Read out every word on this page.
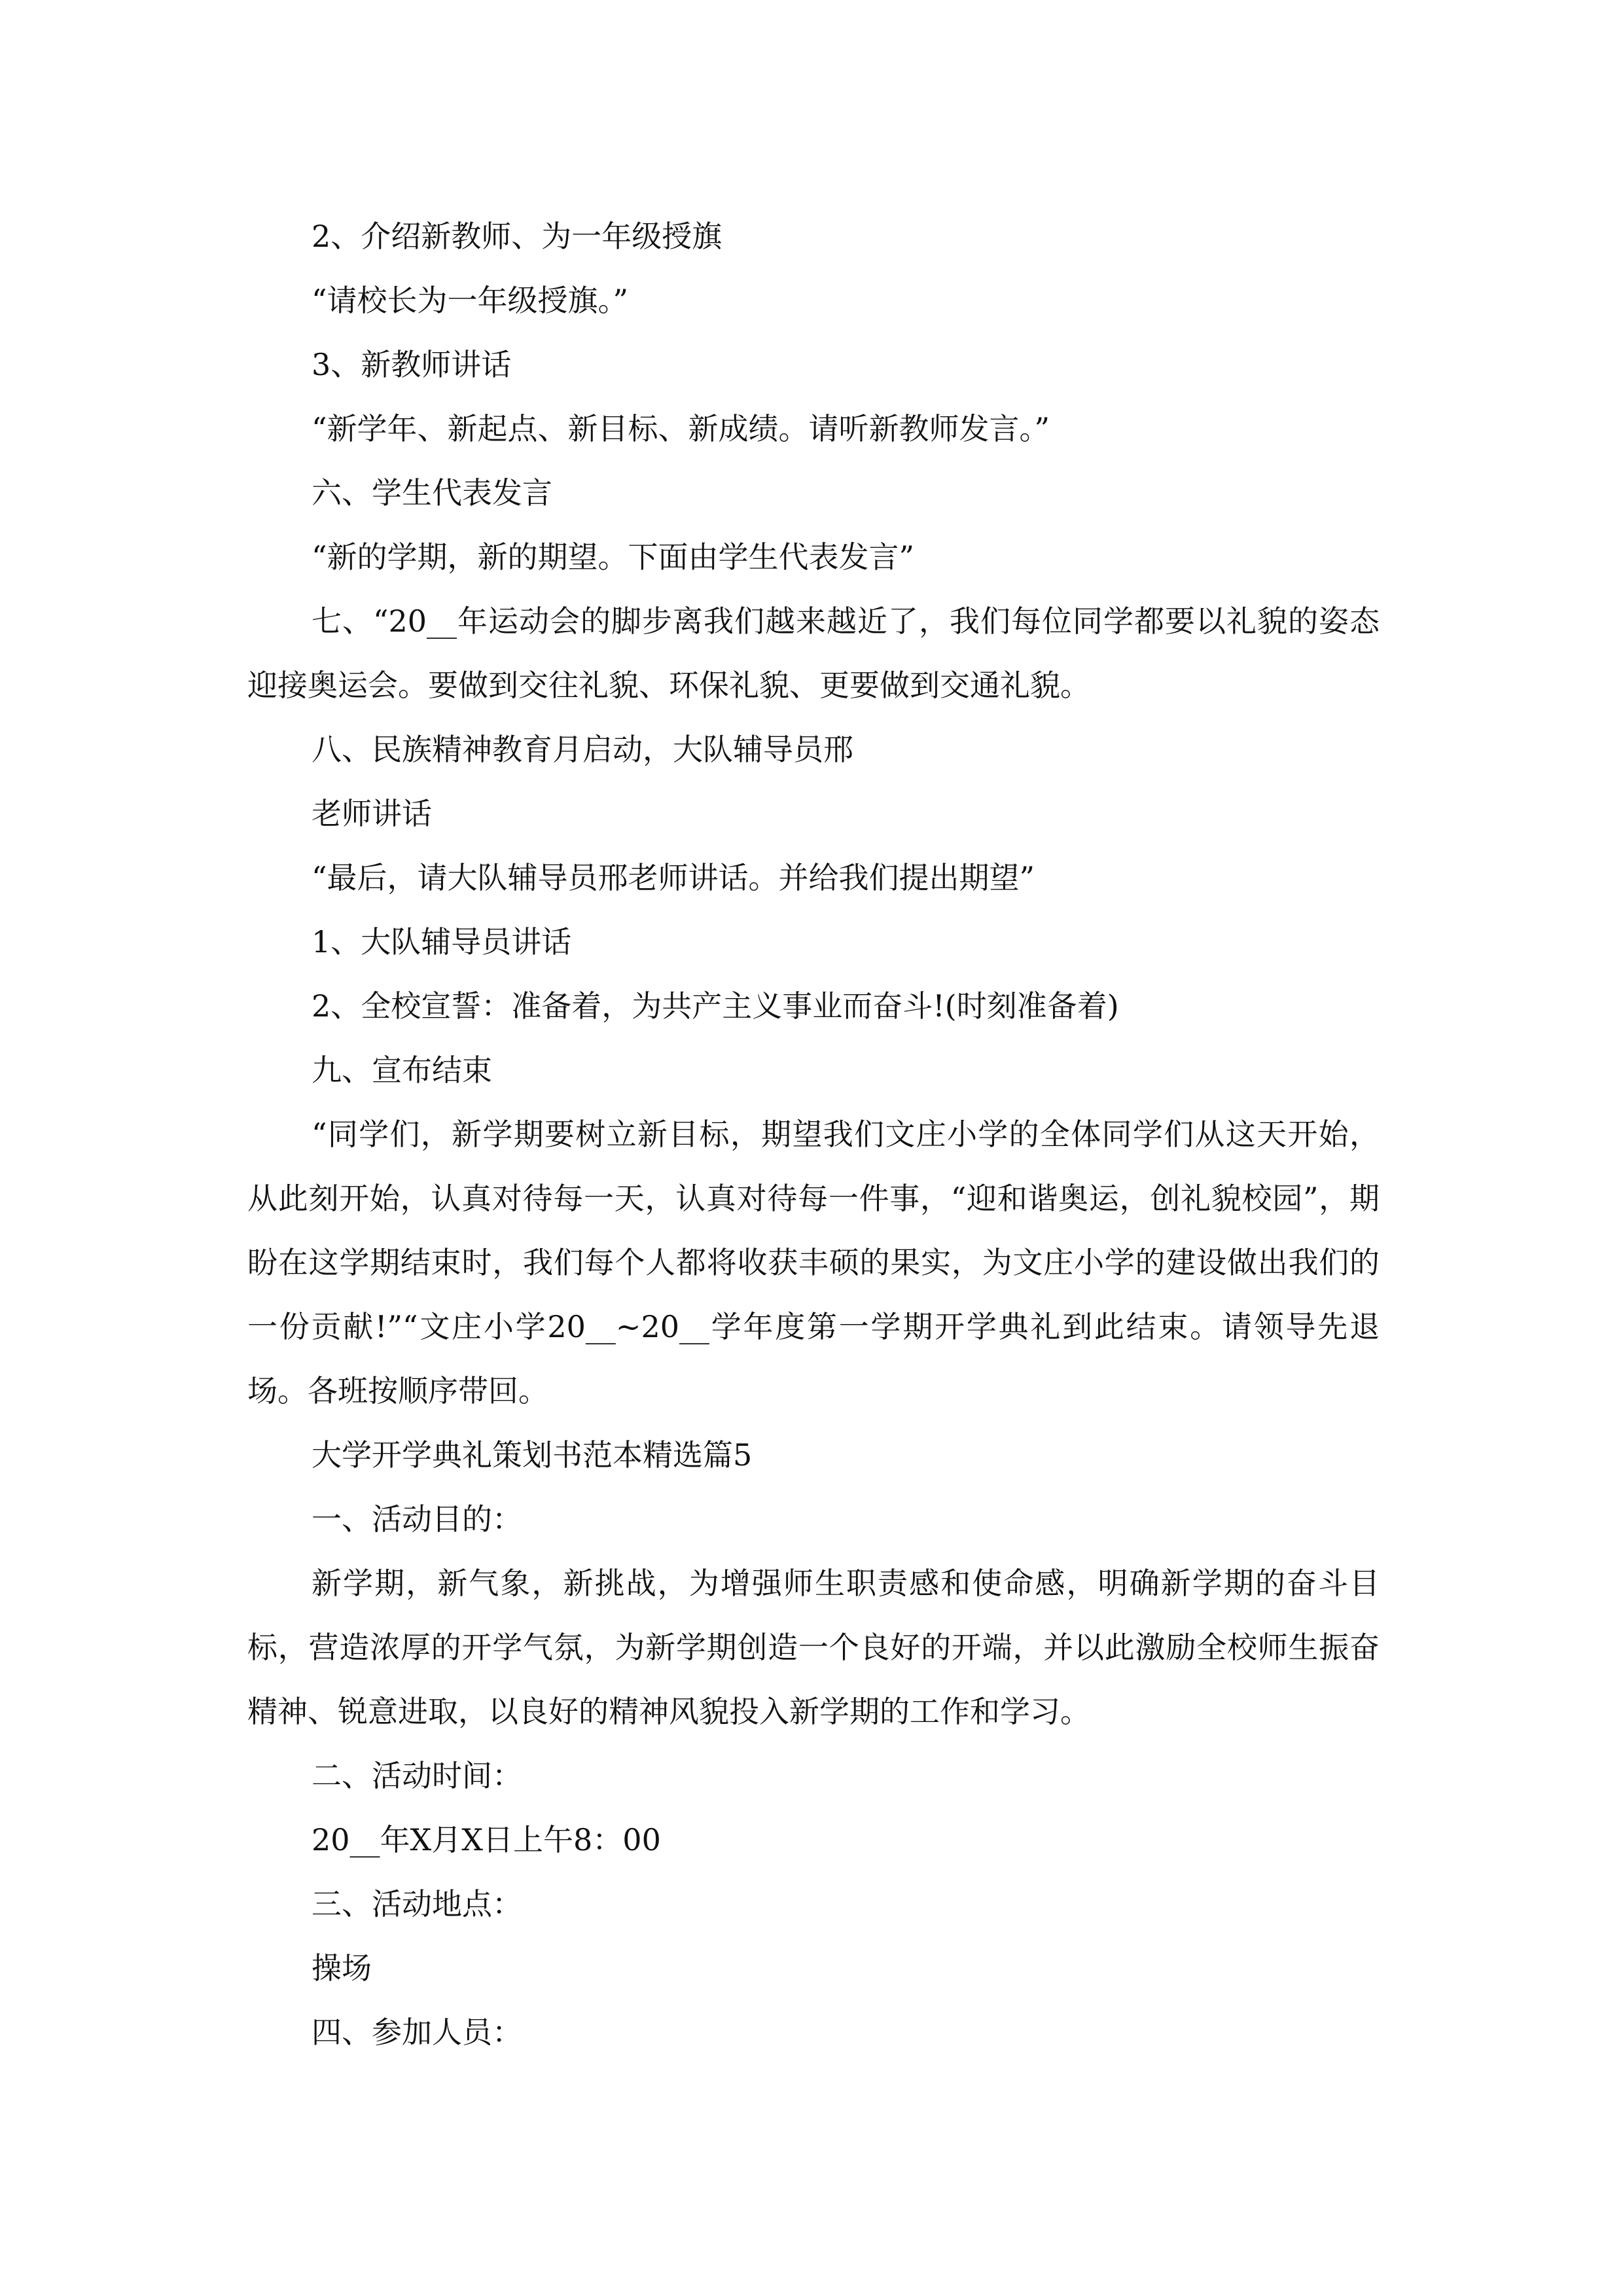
2、介绍新教师、为一年级授旗

“请校长为一年级授旗。”

3、新教师讲话

“新学年、新起点、新目标、新成绩。请听新教师发言。”

六、学生代表发言

“新的学期，新的期望。下面由学生代表发言”

七、“20__年运动会的脚步离我们越来越近了，我们每位同学都要以礼貌的姿态迎接奥运会。要做到交往礼貌、环保礼貌、更要做到交通礼貌。

八、民族精神教育月启动，大队辅导员邢

老师讲话

“最后，请大队辅导员邢老师讲话。并给我们提出期望”

1、大队辅导员讲话

2、全校宣誓：准备着，为共产主义事业而奋斗!(时刻准备着)

九、宣布结束

“同学们，新学期要树立新目标，期望我们文庄小学的全体同学们从这天开始，从此刻开始，认真对待每一天，认真对待每一件事，“迎和谐奥运，创礼貌校园”，期盼在这学期结束时，我们每个人都将收获丰硕的果实，为文庄小学的建设做出我们的一份贡献!”“文庄小学20__~20__学年度第一学期开学典礼到此结束。请领导先退场。各班按顺序带回。

大学开学典礼策划书范本精选篇5

一、活动目的：

新学期，新气象，新挑战，为增强师生职责感和使命感，明确新学期的奋斗目标，营造浓厚的开学气氛，为新学期创造一个良好的开端，并以此激励全校师生振奋精神、锐意进取，以良好的精神风貌投入新学期的工作和学习。

二、活动时间：

20__年X月X日上午8：00

三、活动地点：

操场

四、参加人员：
